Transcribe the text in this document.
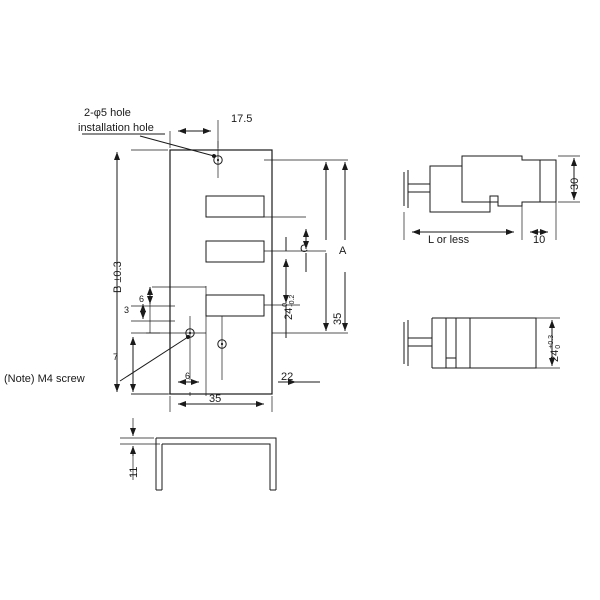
2-φ5 hole
installation hole
(Note) M4 screw
17.5
B ±0.3
6
3
7
6
35
22
C	A
35
24
0 -0.2
30
L or less	10
24
+0.3 0
11
